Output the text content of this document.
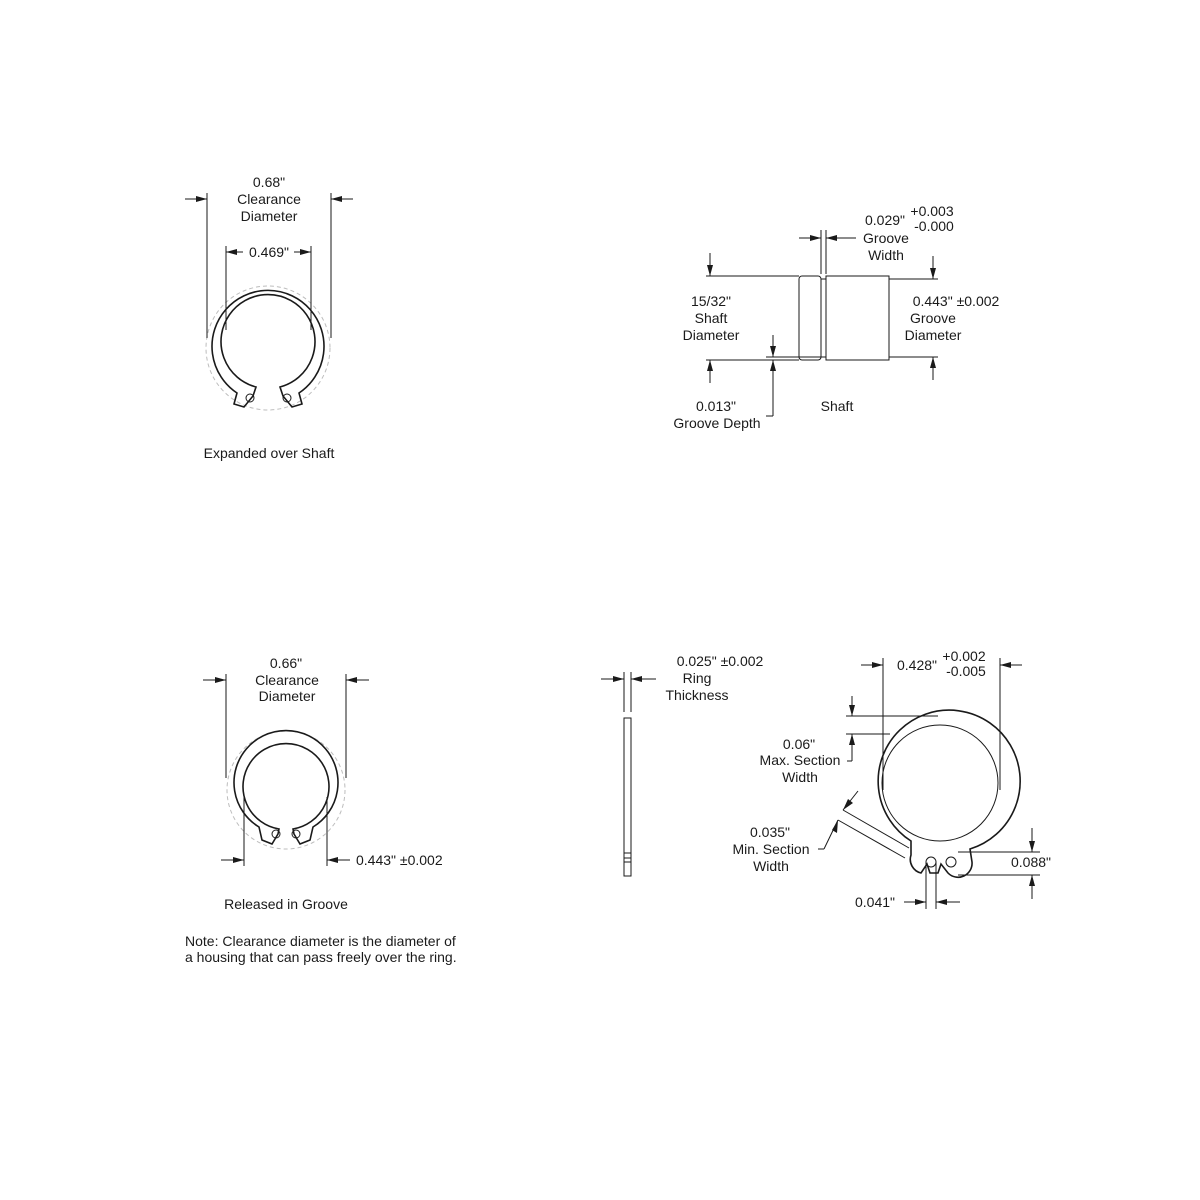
0.68"
Clearance
Diameter
0.469"
Expanded over Shaft
0.029"
+0.003
-0.000
Groove
Width
15/32"
Shaft
Diameter
0.013"
Groove Depth
0.443" ±0.002
Groove
Diameter
Shaft
0.66"
Clearance
Diameter
0.443" ±0.002
Released in Groove
Note: Clearance diameter is the diameter of
a housing that can pass freely over the ring.
0.025" ±0.002
Ring
Thickness
0.428"
+0.002
-0.005
0.06"
Max. Section
Width
0.035"
Min. Section
Width	0.088"
0.041"
